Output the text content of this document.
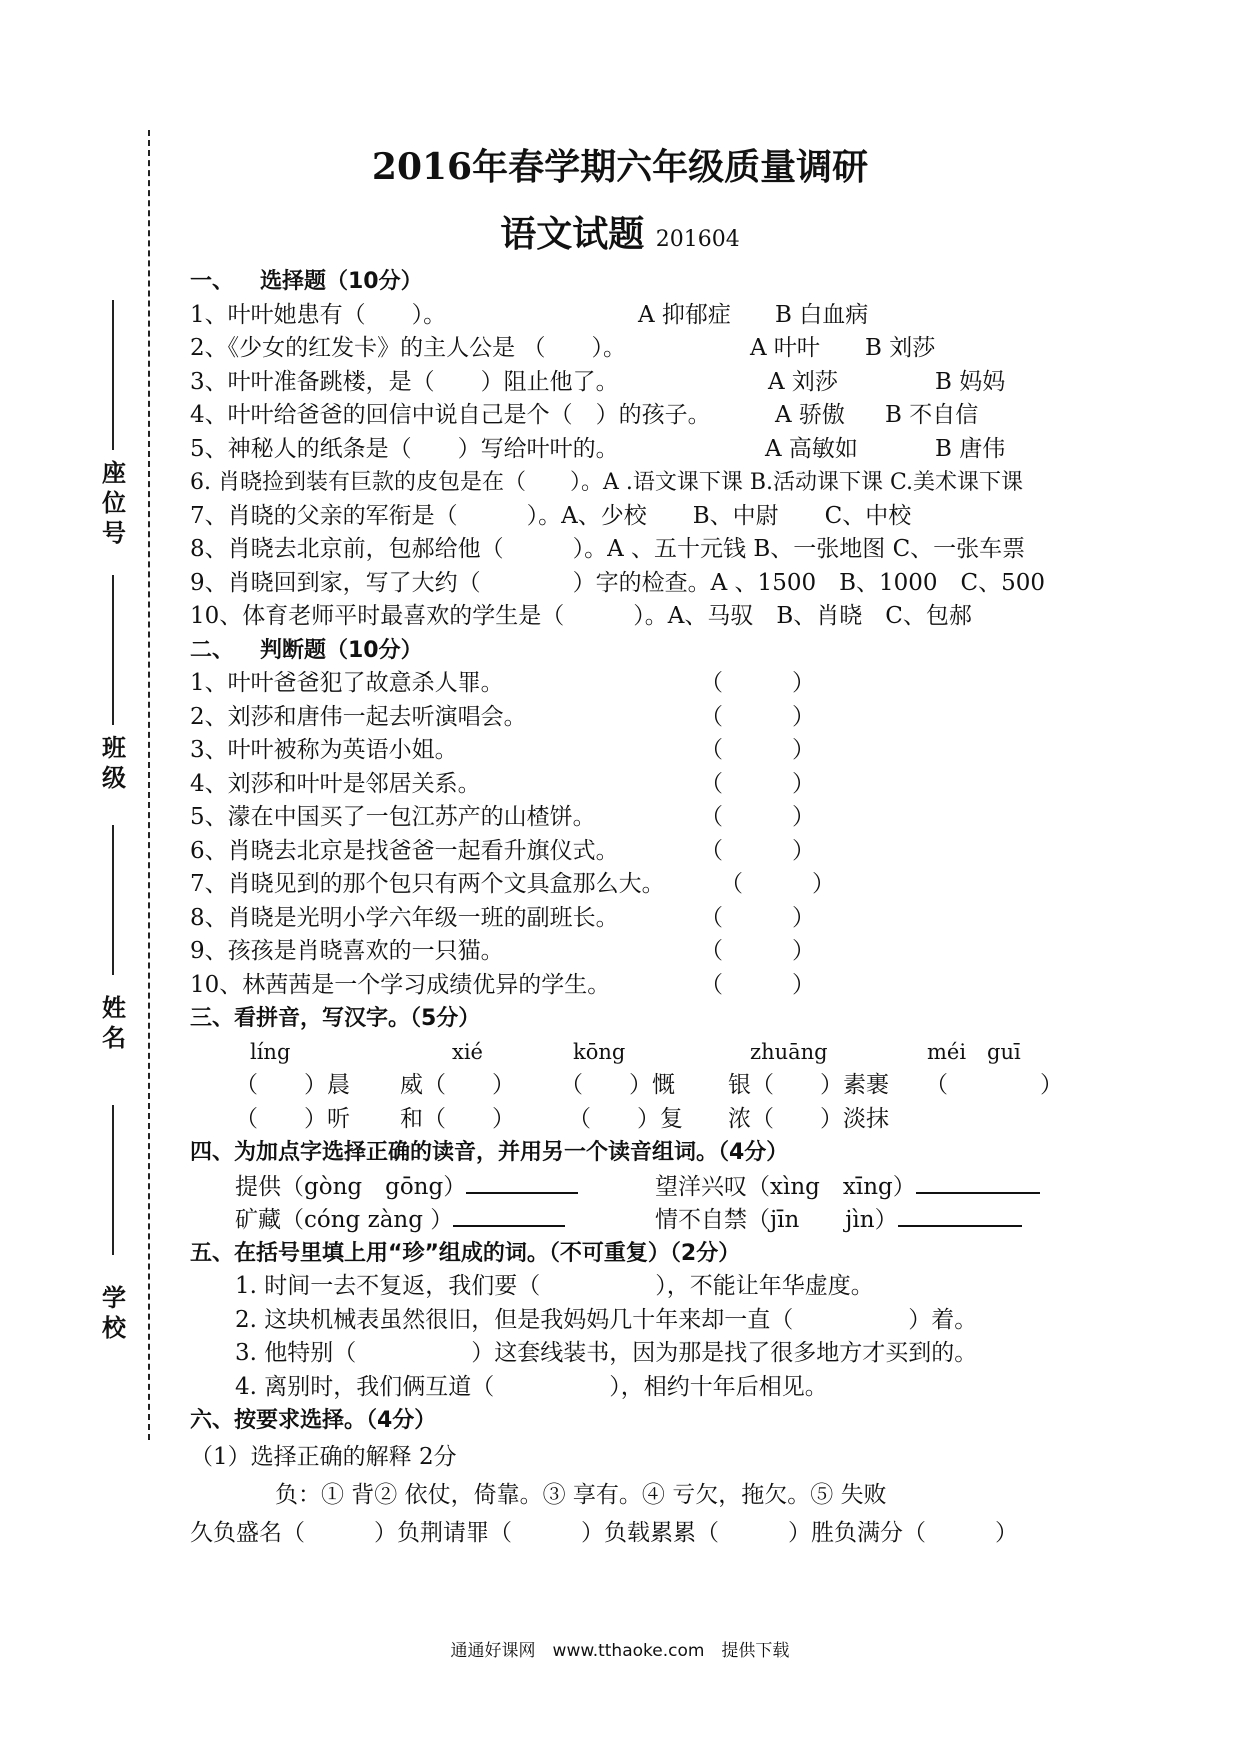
座位号
班级
姓名
学校
2016年春学期六年级质量调研
语文试题 201604
一、 选择题（10分）
1、叶叶她患有（　　）。	A 抑郁症 B 白血病
2、《少女的红发卡》的主人公是 （　　）。	A 叶叶 B 刘莎
3、叶叶准备跳楼，是（　　）阻止他了。	A 刘莎	B 妈妈
4、叶叶给爸爸的回信中说自己是个（　）的孩子。	A 骄傲 B 不自信
5、神秘人的纸条是（　　）写给叶叶的。	A 高敏如	B 唐伟
6. 肖晓捡到装有巨款的皮包是在（　　）。A .语文课下课 B.活动课下课 C.美术课下课
7、肖晓的父亲的军衔是（　　　）。A、少校　　B、中尉　　C、中校
8、肖晓去北京前，包郝给他（　　　）。A 、五十元钱 B、一张地图 C、一张车票
9、肖晓回到家，写了大约（　　　　）字的检查。A 、1500　B、1000　C、500
10、体育老师平时最喜欢的学生是（　　　）。A、马驭　B、肖晓　C、包郝
二、 判断题（10分）
1、叶叶爸爸犯了故意杀人罪。	（　　　）
2、刘莎和唐伟一起去听演唱会。	（　　　）
3、叶叶被称为英语小姐。	（　　　）
4、刘莎和叶叶是邻居关系。	（　　　）
5、濛在中国买了一包江苏产的山楂饼。	（　　　）
6、肖晓去北京是找爸爸一起看升旗仪式。	（　　　）
7、肖晓见到的那个包只有两个文具盒那么大。 （　　　）
8、肖晓是光明小学六年级一班的副班长。	（　　　）
9、孩孩是肖晓喜欢的一只猫。	（　　　）
10、林茜茜是一个学习成绩优异的学生。	（　　　）
三、看拼音，写汉字。（5分）
líng	xié	kōng	zhuāng	méi　guī
（　　）晨 威（　　） （　　）慨 银（　　）素裹 （　　　　）
（　　）听 和（　　） （　　）复 浓（　　）淡抹
四、为加点字选择正确的读音，并用另一个读音组词。（4分）
提供（gòng　gōng）	望洋兴叹（xìng　xīng）
矿藏（cóng zàng ）	情不自禁（jīn　　jìn）
五、在括号里填上用“珍”组成的词。（不可重复）（2分）
1. 时间一去不复返，我们要（　　　　　），不能让年华虚度。
2. 这块机械表虽然很旧，但是我妈妈几十年来却一直（　　　　　）着。
3. 他特别（　　　　　）这套线装书，因为那是找了很多地方才买到的。
4. 离别时，我们俩互道（　　　　　），相约十年后相见。
六、按要求选择。（4分）
（1）选择正确的解释 2分
负：① 背② 依仗，倚靠。③ 享有。④ 亏欠，拖欠。⑤ 失败
久负盛名（　　　）负荆请罪（　　　）负载累累（　　　）胜负满分（　　　）
通通好课网　www.tthaoke.com　提供下载
